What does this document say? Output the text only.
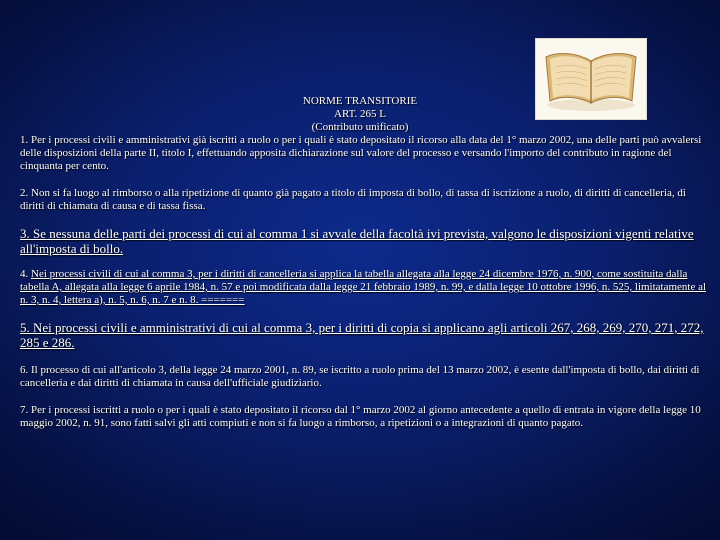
NORME TRANSITORIE
ART. 265 L
(Contributo unificato)

1. Per i processi civili e amministrativi già iscritti a ruolo o per i quali è stato depositato il ricorso alla data del 1° marzo 2002, una delle parti può avvalersi delle disposizioni della parte II, titolo I, effettuando apposita dichiarazione sul valore del processo e versando l'importo del contributo in ragione del cinquanta per cento.

2. Non si fa luogo al rimborso o alla ripetizione di quanto già pagato a titolo di imposta di bollo, di tassa di iscrizione a ruolo, di diritti di cancelleria, di diritti di chiamata di causa e di tassa fissa.

3. Se nessuna delle parti dei processi di cui al comma 1 si avvale della facoltà ivi prevista, valgono le disposizioni vigenti relative all'imposta di bollo.

4. Nei processi civili di cui al comma 3, per i diritti di cancelleria si applica la tabella allegata alla legge 24 dicembre 1976, n. 900, come sostituita dalla tabella A, allegata alla legge 6 aprile 1984, n. 57 e poi modificata dalla legge 21 febbraio 1989, n. 99, e dalla legge 10 ottobre 1996, n. 525, limitatamente al n. 3, n. 4, lettera a), n. 5, n. 6, n. 7 e n. 8. =======

5. Nei processi civili e amministrativi di cui al comma 3, per i diritti di copia si applicano agli articoli 267, 268, 269, 270, 271, 272, 285 e 286.

6. Il processo di cui all'articolo 3, della legge 24 marzo 2001, n. 89, se iscritto a ruolo prima del 13 marzo 2002, è esente dall'imposta di bollo, dai diritti di cancelleria e dai diritti di chiamata in causa dell'ufficiale giudiziario.

7. Per i processi iscritti a ruolo o per i quali è stato depositato il ricorso dal 1° marzo 2002 al giorno antecedente a quello di entrata in vigore della legge 10 maggio 2002, n. 91, sono fatti salvi gli atti compiuti e non si fa luogo a rimborso, a ripetizioni o a integrazioni di quanto pagato.
